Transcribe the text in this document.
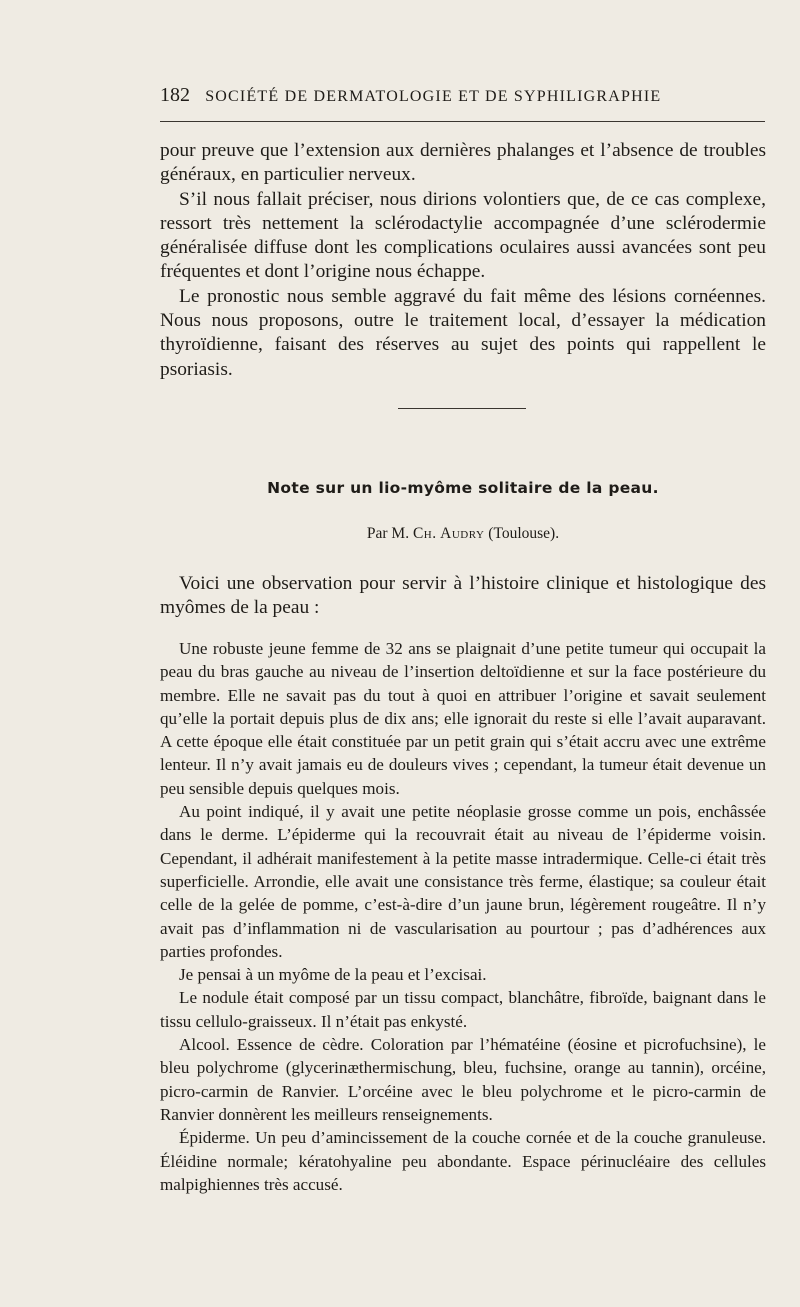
182 SOCIÉTÉ DE DERMATOLOGIE ET DE SYPHILIGRAPHIE

pour preuve que l’extension aux dernières phalanges et l’absence de troubles généraux, en particulier nerveux.

S’il nous fallait préciser, nous dirions volontiers que, de ce cas complexe, ressort très nettement la sclérodactylie accompagnée d’une sclérodermie généralisée diffuse dont les complications oculaires aussi avancées sont peu fréquentes et dont l’origine nous échappe.

Le pronostic nous semble aggravé du fait même des lésions cornéennes. Nous nous proposons, outre le traitement local, d’essayer la médication thyroïdienne, faisant des réserves au sujet des points qui rappellent le psoriasis.

Note sur un lio-myôme solitaire de la peau.
Par M. Ch. Audry (Toulouse).

Voici une observation pour servir à l’histoire clinique et histologique des myômes de la peau :

Une robuste jeune femme de 32 ans se plaignait d’une petite tumeur qui occupait la peau du bras gauche au niveau de l’insertion deltoïdienne et sur la face postérieure du membre. Elle ne savait pas du tout à quoi en attribuer l’origine et savait seulement qu’elle la portait depuis plus de dix ans; elle ignorait du reste si elle l’avait auparavant. A cette époque elle était constituée par un petit grain qui s’était accru avec une extrême lenteur. Il n’y avait jamais eu de douleurs vives ; cependant, la tumeur était devenue un peu sensible depuis quelques mois.

Au point indiqué, il y avait une petite néoplasie grosse comme un pois, enchâssée dans le derme. L’épiderme qui la recouvrait était au niveau de l’épiderme voisin. Cependant, il adhérait manifestement à la petite masse intradermique. Celle-ci était très superficielle. Arrondie, elle avait une consistance très ferme, élastique; sa couleur était celle de la gelée de pomme, c’est-à-dire d’un jaune brun, légèrement rougeâtre. Il n’y avait pas d’inflammation ni de vascularisation au pourtour ; pas d’adhérences aux parties profondes.

Je pensai à un myôme de la peau et l’excisai.

Le nodule était composé par un tissu compact, blanchâtre, fibroïde, baignant dans le tissu cellulo-graisseux. Il n’était pas enkysté.

Alcool. Essence de cèdre. Coloration par l’hématéine (éosine et picrofuchsine), le bleu polychrome (glycerinæthermischung, bleu, fuchsine, orange au tannin), orcéine, picro-carmin de Ranvier. L’orcéine avec le bleu polychrome et le picro-carmin de Ranvier donnèrent les meilleurs renseignements.

Épiderme. Un peu d’amincissement de la couche cornée et de la couche granuleuse. Éléidine normale; kératohyaline peu abondante. Espace périnucléaire des cellules malpighiennes très accusé.
